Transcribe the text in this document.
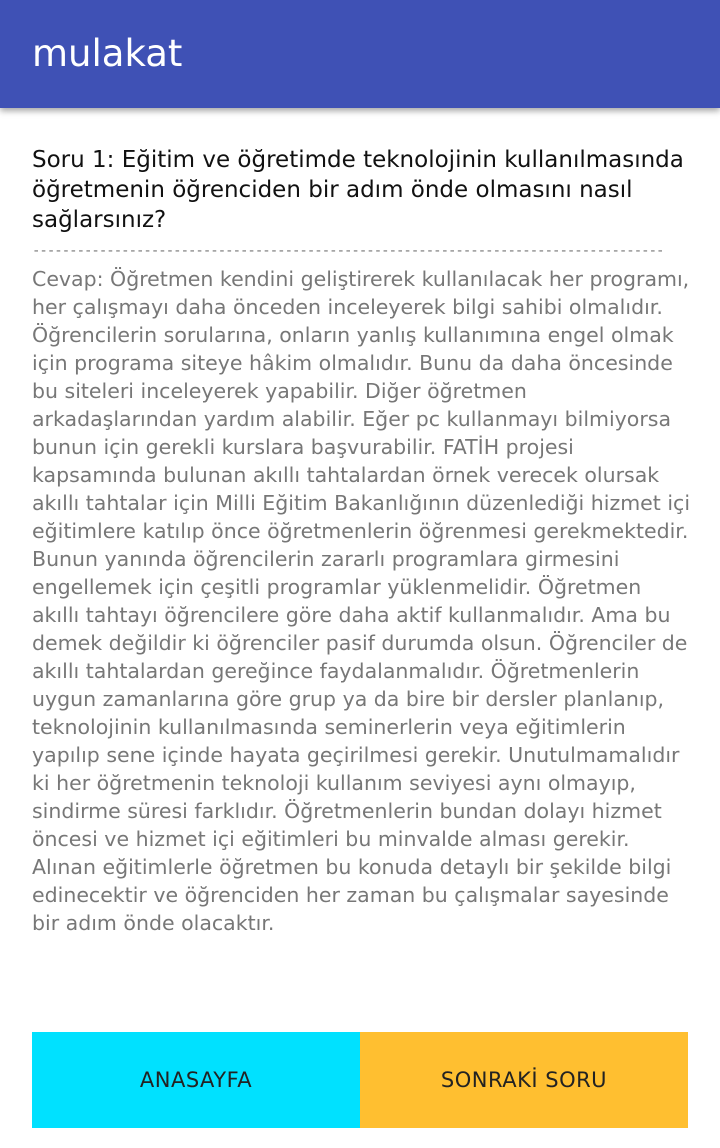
mulakat

Soru 1: Eğitim ve öğretimde teknolojinin kullanılmasında öğretmenin öğrenciden bir adım önde olmasını nasıl sağlarsınız?

-------------------------------------------------------------------------------------
Cevap: Öğretmen kendini geliştirerek kullanılacak her programı, her çalışmayı daha önceden inceleyerek bilgi sahibi olmalıdır. Öğrencilerin sorularına, onların yanlış kullanımına engel olmak için programa siteye hâkim olmalıdır. Bunu da daha öncesinde bu siteleri inceleyerek yapabilir. Diğer öğretmen arkadaşlarından yardım alabilir. Eğer pc kullanmayı bilmiyorsa bunun için gerekli kurslara başvurabilir. FATİH projesi kapsamında bulunan akıllı tahtalardan örnek verecek olursak akıllı tahtalar için Milli Eğitim Bakanlığının düzenlediği hizmet içi eğitimlere katılıp önce öğretmenlerin öğrenmesi gerekmektedir. Bunun yanında öğrencilerin zararlı programlara girmesini engellemek için çeşitli programlar yüklenmelidir. Öğretmen akıllı tahtayı öğrencilere göre daha aktif kullanmalıdır. Ama bu demek değildir ki öğrenciler pasif durumda olsun. Öğrenciler de akıllı tahtalardan gereğince faydalanmalıdır. Öğretmenlerin uygun zamanlarına göre grup ya da bire bir dersler planlanıp, teknolojinin kullanılmasında seminerlerin veya eğitimlerin yapılıp sene içinde hayata geçirilmesi gerekir. Unutulmamalıdır ki her öğretmenin teknoloji kullanım seviyesi aynı olmayıp, sindirme süresi farklıdır. Öğretmenlerin bundan dolayı hizmet öncesi ve hizmet içi eğitimleri bu minvalde alması gerekir. Alınan eğitimlerle öğretmen bu konuda detaylı bir şekilde bilgi edinecektir ve öğrenciden her zaman bu çalışmalar sayesinde bir adım önde olacaktır.
ANASAYFA	SONRAKİ SORU
